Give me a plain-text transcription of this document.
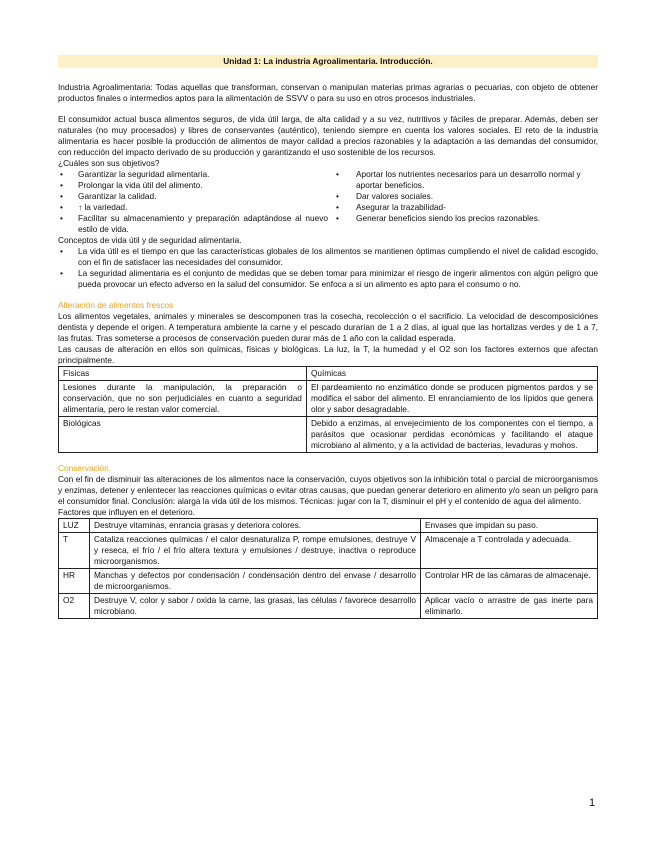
Unidad 1: La industria Agroalimentaria. Introducción.

Industria Agroalimentaria: Todas aquellas que transforman, conservan o manipulan materias primas agrarias o pecuarias, con objeto de obtener productos finales o intermedios aptos para la alimentación de SSVV o para su uso en otros procesos industriales.

El consumidor actual busca alimentos seguros, de vida útil larga, de alta calidad y a su vez, nutritivos y fáciles de preparar. Además, deben ser naturales (no muy procesados) y libres de conservantes (auténtico), teniendo siempre en cuenta los valores sociales. El reto de la industria alimentaria es hacer posible la producción de alimentos de mayor calidad a precios razonables y la adaptación a las demandas del consumidor, con reducción del impacto derivado de su producción y garantizando el uso sostenible de los recursos.

¿Cuáles son sus objetivos?

• Garantizar la seguridad alimentaria.
• Prolongar la vida útil del alimento.
• Garantizar la calidad.
• ↑ la variedad.
• Facilitar su almacenamiento y preparación adaptándose al nuevo estilo de vida.
• Aportar los nutrientes necesarios para un desarrollo normal y aportar beneficios.
• Dar valores sociales.
• Asegurar la trazabilidad-
• Generar beneficios siendo los precios razonables.

Conceptos de vida útil y de seguridad alimentaria.

• La vida útil es el tiempo en que las características globales de los alimentos se mantienen óptimas cumpliendo el nivel de calidad escogido, con el fin de satisfacer las necesidades del consumidor.
• La seguridad alimentaria es el conjunto de medidas que se deben tomar para minimizar el riesgo de ingerir alimentos con algún peligro que pueda provocar un efecto adverso en la salud del consumidor. Se enfoca a si un alimento es apto para el consumo o no.

Alteración de alimentos frescos

Los alimentos vegetales, animales y minerales se descomponen tras la cosecha, recolección o el sacrificio. La velocidad de descomposiciónes dentista y depende el origen. A temperatura ambiente la carne y el pescado durarían de 1 a 2 días, al igual que las hortalizas verdes y de 1 a 7, las frutas. Tras someterse a procesos de conservación pueden durar más de 1 año con la calidad esperada.

Las causas de alteración en ellos son químicas, físicas y biológicas. La luz, la T, la humedad y el O2 son los factores externos que afectan principalmente.

Físicas	Químicas
Lesiones durante la manipulación, la preparación o conservación, que no son perjudiciales en cuanto a seguridad alimentaria, pero le restan valor comercial.	El pardeamiento no enzimático donde se producen pigmentos pardos y se modifica el sabor del alimento. El enranciamiento de los lípidos que genera olor y sabor desagradable.
Biológicas	Debido a enzimas, al envejecimiento de los componentes con el tiempo, a parásitos que ocasionar perdidas económicas y facilitando el ataque microbiano al alimento, y a la actividad de bacterias, levaduras y mohos.

Conservación.

Con el fin de disminuir las alteraciones de los alimentos nace la conservación, cuyos objetivos son la inhibición total o parcial de microorganismos y enzimas, detener y enlentecer las reacciones químicas o evitar otras causas, que puedan generar deterioro en alimento y/o sean un peligro para el consumidor final. Conclusión: alarga la vida útil de los mismos. Técnicas: jugar con la T, disminuir el pH y el contenido de agua del alimento.

Factores que influyen en el deterioro.

LUZ	Destruye vitaminas, enrancia grasas y deteriora colores.	Envases que impidan su paso.
T	Cataliza reacciones químicas / el calor desnaturaliza P, rompe emulsiones, destruye V y reseca, el frío / el frío altera textura y emulsiones / destruye, inactiva o reproduce microorganismos.	Almacenaje a T controlada y adecuada.
HR	Manchas y defectos por condensación / condensación dentro del envase / desarrollo de microorganismos.	Controlar HR de las cámaras de almacenaje.
O2	Destruye V, color y sabor / oxida la carne, las grasas, las células / favorece desarrollo microbiano.	Aplicar vacío o arrastre de gas inerte para eliminarlo.
1
